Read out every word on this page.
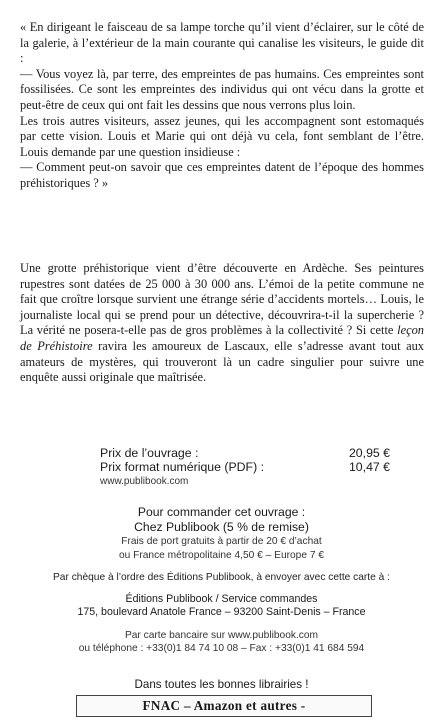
« En dirigeant le faisceau de sa lampe torche qu’il vient d’éclairer, sur le côté de la galerie, à l’extérieur de la main courante qui canalise les visiteurs, le guide dit :

— Vous voyez là, par terre, des empreintes de pas humains. Ces empreintes sont fossilisées. Ce sont les empreintes des individus qui ont vécu dans la grotte et peut-être de ceux qui ont fait les dessins que nous verrons plus loin.

Les trois autres visiteurs, assez jeunes, qui les accompagnent sont estomaqués par cette vision. Louis et Marie qui ont déjà vu cela, font semblant de l’être. Louis demande par une question insidieuse :

— Comment peut-on savoir que ces empreintes datent de l’époque des hommes préhistoriques ? »

Une grotte préhistorique vient d’être découverte en Ardèche. Ses peintures rupestres sont datées de 25 000 à 30 000 ans. L’émoi de la petite commune ne fait que croître lorsque survient une étrange série d’accidents mortels… Louis, le journaliste local qui se prend pour un détective, découvrira-t-il la supercherie ? La vérité ne posera-t-elle pas de gros problèmes à la collectivité ? Si cette leçon de Préhistoire ravira les amoureux de Lascaux, elle s’adresse avant tout aux amateurs de mystères, qui trouveront là un cadre singulier pour suivre une enquête aussi originale que maîtrisée.

Prix de l’ouvrage :	20,95 €
Prix format numérique (PDF) :	10,47 €
www.publibook.com
Pour commander cet ouvrage :
Chez Publibook (5 % de remise)
Frais de port gratuits à partir de 20 € d’achat
ou France métropolitaine 4,50 € – Europe 7 €
Par chèque à l’ordre des Éditions Publibook, à envoyer avec cette carte à :
Éditions Publibook / Service commandes
175, boulevard Anatole France – 93200 Saint-Denis – France
Par carte bancaire sur www.publibook.com
ou téléphone : +33(0)1 84 74 10 08 – Fax : +33(0)1 41 684 594
Dans toutes les bonnes librairies !
FNAC – Amazon et autres -
